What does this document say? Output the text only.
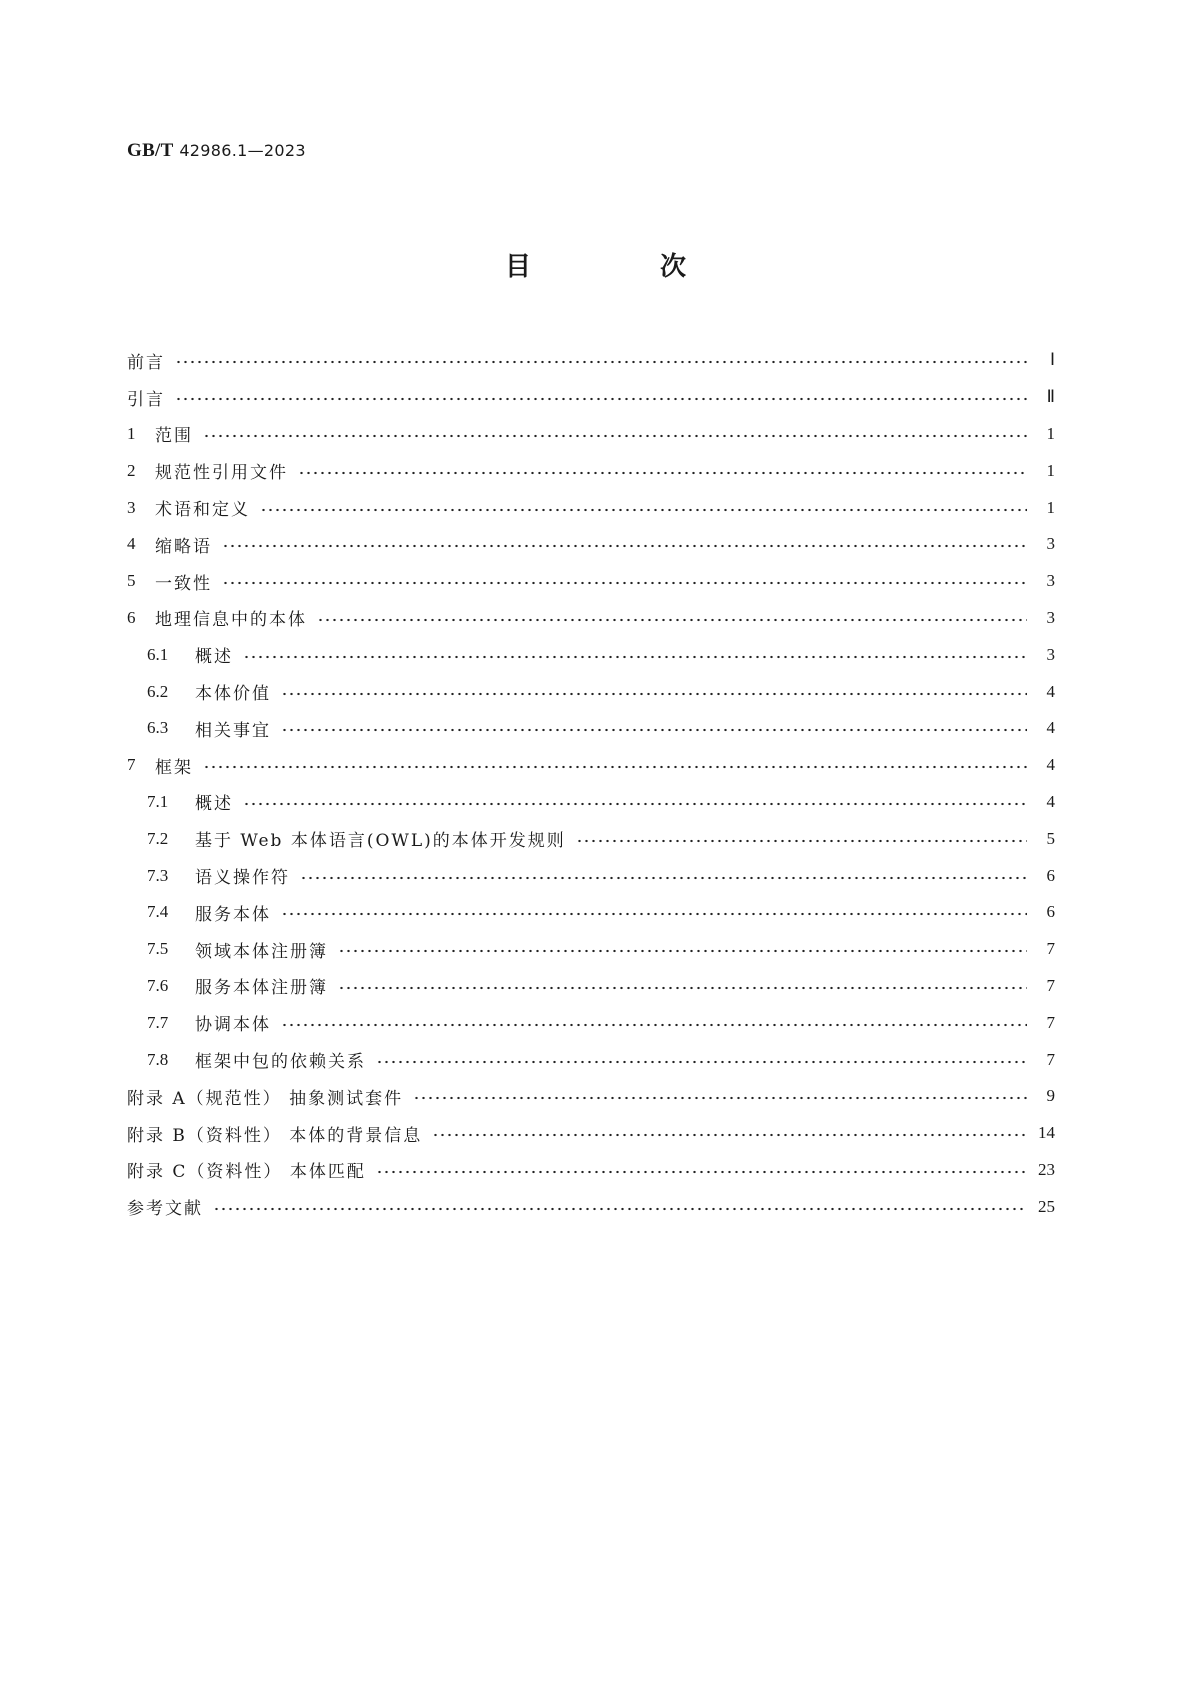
GB/T 42986.1—2023
目 次
前言	Ⅰ
引言	Ⅱ
1	范围	1
2	规范性引用文件	1
3	术语和定义	1
4	缩略语	3
5	一致性	3
6	地理信息中的本体	3
6.1	概述	3
6.2	本体价值	4
6.3	相关事宜	4
7	框架	4
7.1	概述	4
7.2	基于 Web 本体语言(OWL)的本体开发规则	5
7.3	语义操作符	6
7.4	服务本体	6
7.5	领域本体注册簿	7
7.6	服务本体注册簿	7
7.7	协调本体	7
7.8	框架中包的依赖关系	7
附录 A（规范性） 抽象测试套件	9
附录 B（资料性） 本体的背景信息	14
附录 C（资料性） 本体匹配	23
参考文献	25
